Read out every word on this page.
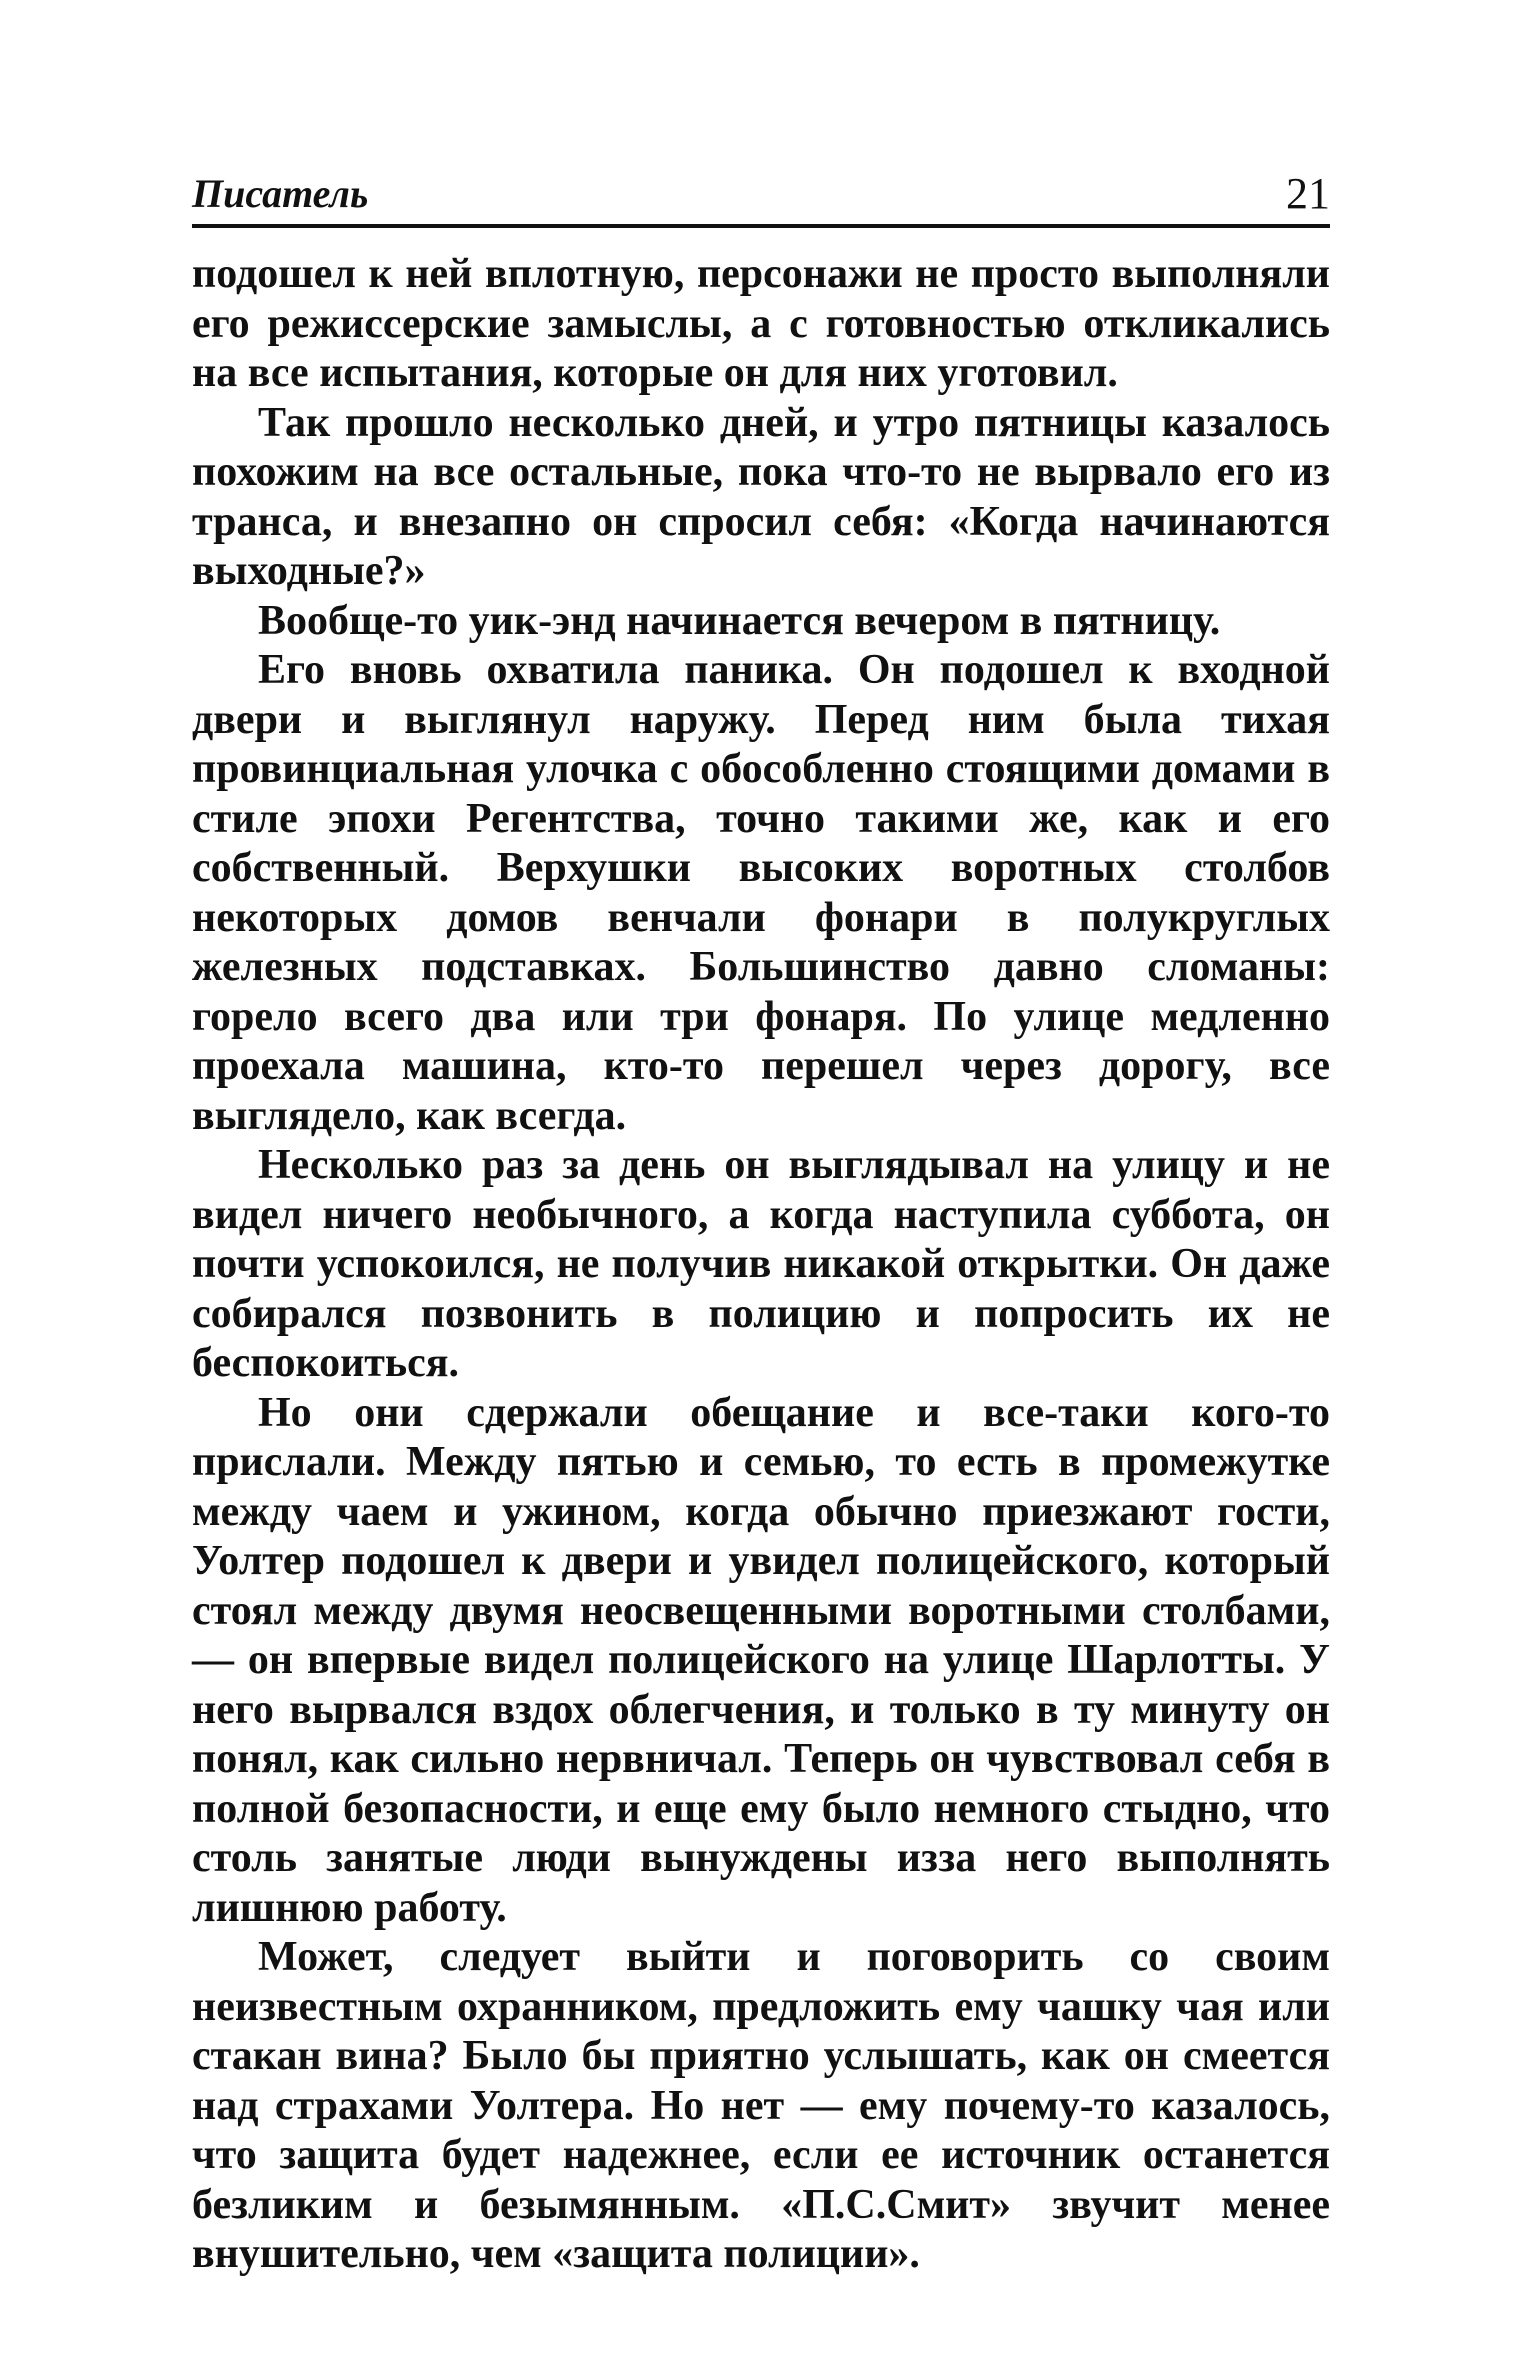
Писатель	21

подошел к ней вплотную, персонажи не просто выполняли его режиссерские замыслы, а с готовностью откликались на все испытания, которые он для них уготовил.

Так прошло несколько дней, и утро пятницы казалось похожим на все остальные, пока что-то не вырвало его из транса, и внезапно он спросил себя: «Когда начинаются выходные?»

Вообще-то уик-энд начинается вечером в пятницу.

Его вновь охватила паника. Он подошел к входной двери и выглянул наружу. Перед ним была тихая провинциальная улочка с обособленно стоящими домами в стиле эпохи Регентства, точно такими же, как и его собственный. Верхушки высоких воротных столбов некоторых домов венчали фонари в полукруглых железных подставках. Большинство давно сломаны: горело всего два или три фонаря. По улице медленно проехала машина, кто-то перешел через дорогу, все выглядело, как всегда.

Несколько раз за день он выглядывал на улицу и не видел ничего необычного, а когда наступила суббота, он почти успокоился, не получив никакой открытки. Он даже собирался позвонить в полицию и попросить их не беспокоиться.

Но они сдержали обещание и все-таки кого-то прислали. Между пятью и семью, то есть в промежутке между чаем и ужином, когда обычно приезжают гости, Уолтер подошел к двери и увидел полицейского, который стоял между двумя неосвещенными воротными столбами, — он впервые видел полицейского на улице Шарлотты. У него вырвался вздох облегчения, и только в ту минуту он понял, как сильно нервничал. Теперь он чувствовал себя в полной безопасности, и еще ему было немного стыдно, что столь занятые люди вынуждены изза него выполнять лишнюю работу.

Может, следует выйти и поговорить со своим неизвестным охранником, предложить ему чашку чая или стакан вина? Было бы приятно услышать, как он смеется над страхами Уолтера. Но нет — ему почему-то казалось, что защита будет надежнее, если ее источник останется безликим и безымянным. «П.С.Смит» звучит менее внушительно, чем «защита полиции».
